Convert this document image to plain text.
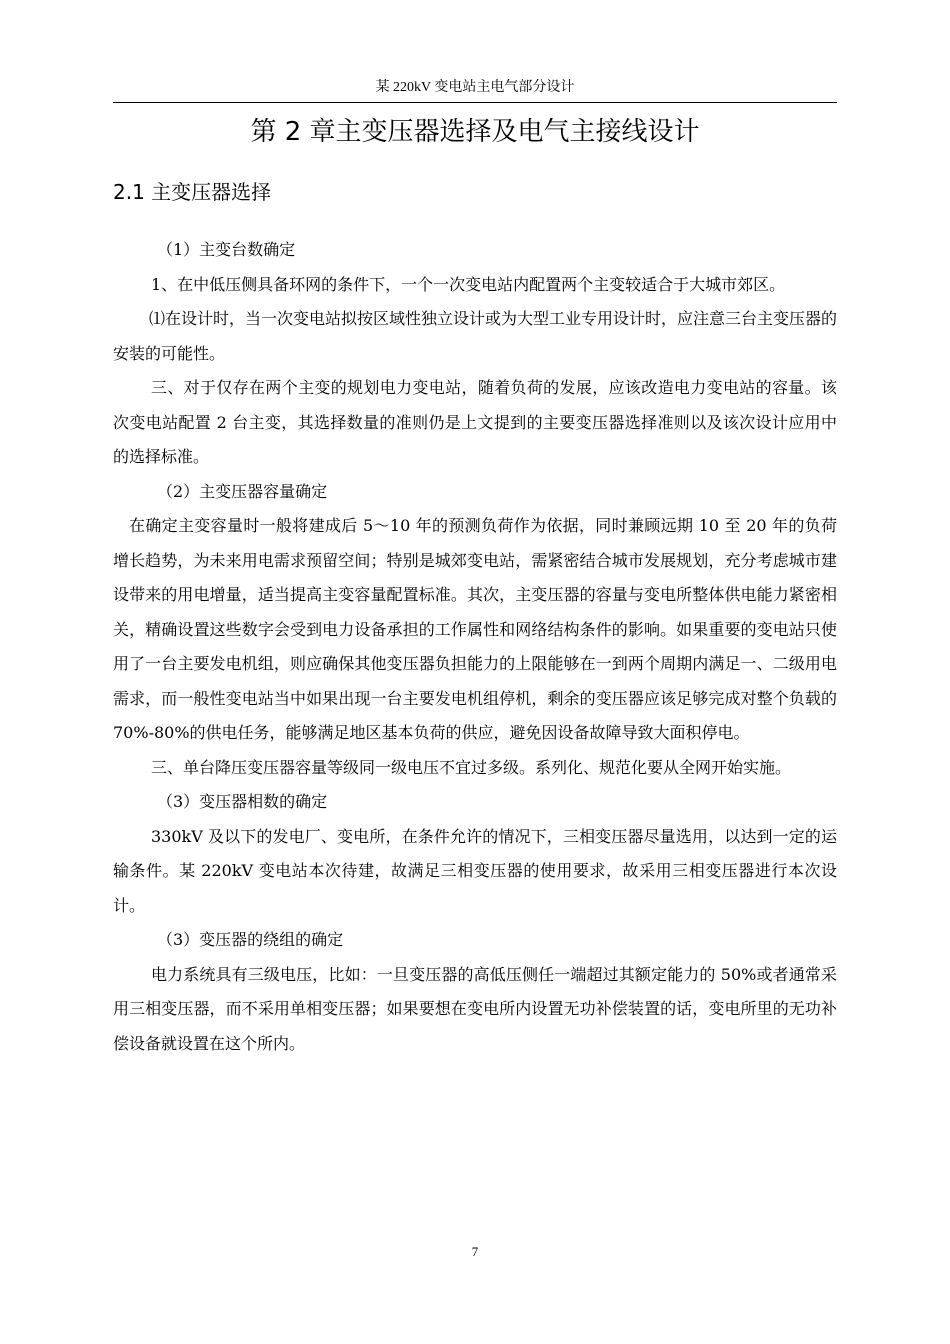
某 220kV 变电站主电气部分设计
第 2 章主变压器选择及电气主接线设计
2.1 主变压器选择

（1）主变台数确定

1、在中低压侧具备环网的条件下，一个一次变电站内配置两个主变较适合于大城市郊区。

⑴在设计时，当一次变电站拟按区域性独立设计或为大型工业专用设计时，应注意三台主变压器的安装的可能性。

三、对于仅存在两个主变的规划电力变电站，随着负荷的发展，应该改造电力变电站的容量。该次变电站配置 2 台主变，其选择数量的准则仍是上文提到的主要变压器选择准则以及该次设计应用中的选择标准。

（2）主变压器容量确定

在确定主变容量时一般将建成后 5～10 年的预测负荷作为依据，同时兼顾远期 10 至 20 年的负荷增长趋势，为未来用电需求预留空间；特别是城郊变电站，需紧密结合城市发展规划，充分考虑城市建设带来的用电增量，适当提高主变容量配置标准。其次，主变压器的容量与变电所整体供电能力紧密相关，精确设置这些数字会受到电力设备承担的工作属性和网络结构条件的影响。如果重要的变电站只使用了一台主要发电机组，则应确保其他变压器负担能力的上限能够在一到两个周期内满足一、二级用电需求，而一般性变电站当中如果出现一台主要发电机组停机，剩余的变压器应该足够完成对整个负载的 70%-80%的供电任务，能够满足地区基本负荷的供应，避免因设备故障导致大面积停电。

三、单台降压变压器容量等级同一级电压不宜过多级。系列化、规范化要从全网开始实施。

（3）变压器相数的确定

330kV 及以下的发电厂、变电所，在条件允许的情况下，三相变压器尽量选用，以达到一定的运输条件。某 220kV 变电站本次待建，故满足三相变压器的使用要求，故采用三相变压器进行本次设计。

（3）变压器的绕组的确定

电力系统具有三级电压，比如：一旦变压器的高低压侧任一端超过其额定能力的 50%或者通常采用三相变压器，而不采用单相变压器；如果要想在变电所内设置无功补偿装置的话，变电所里的无功补偿设备就设置在这个所内。

7
